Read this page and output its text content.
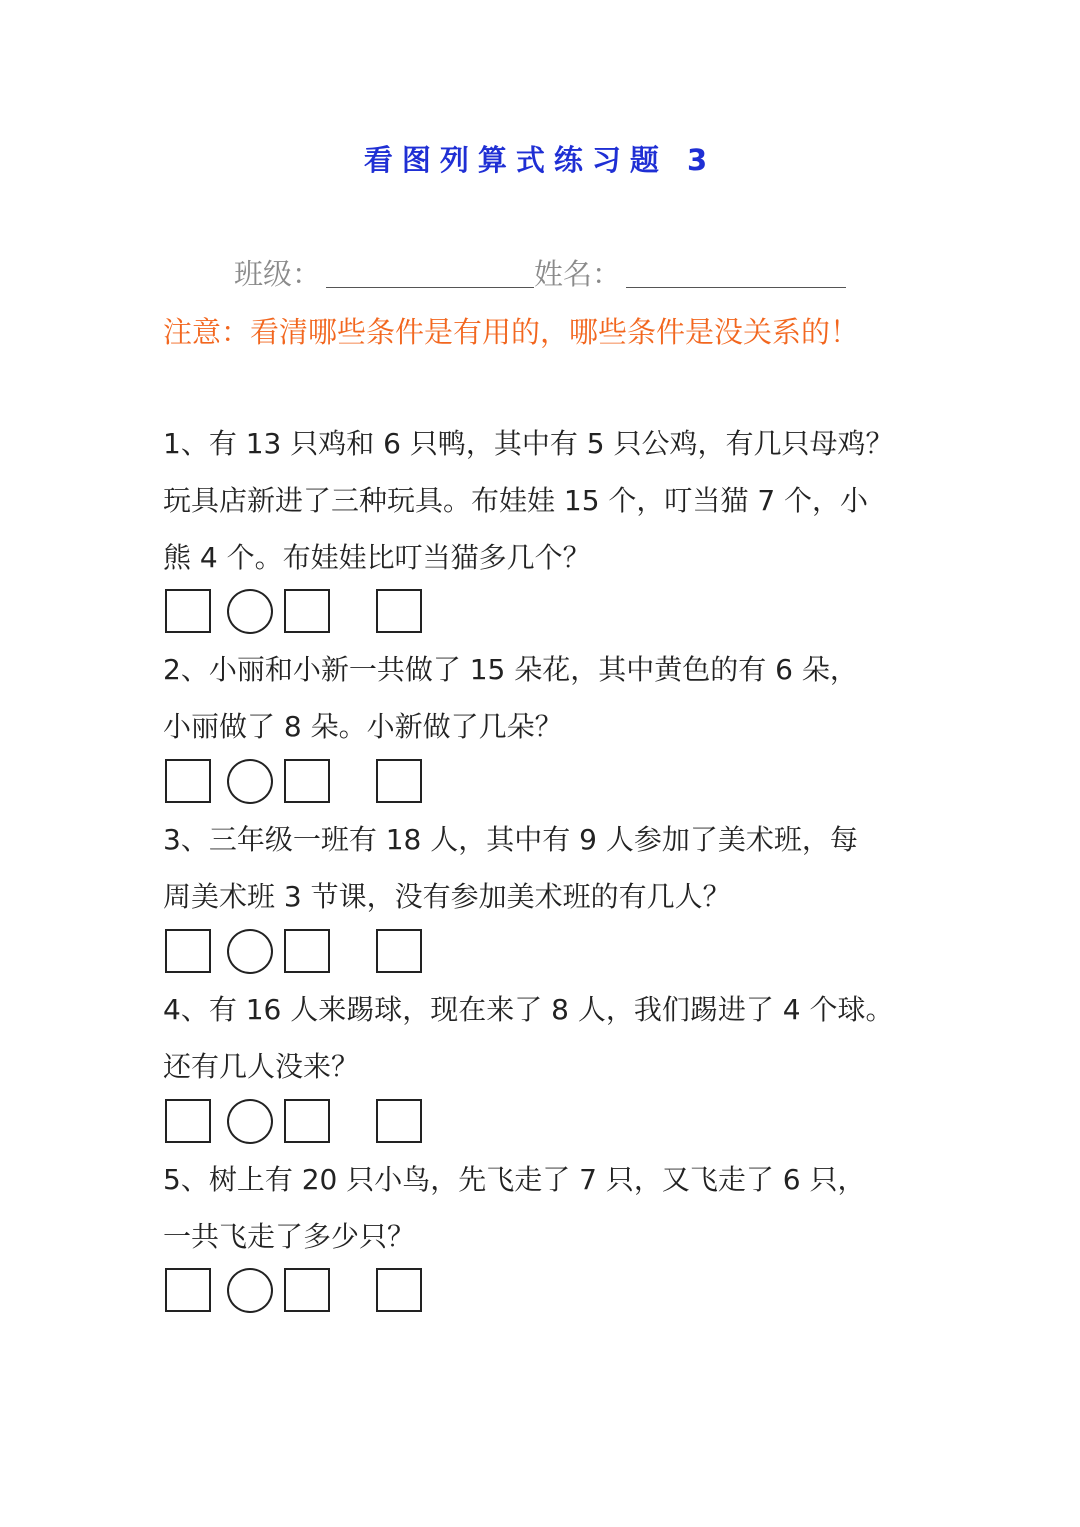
看图列算式练习题 3
班级：	姓名：
注意：看清哪些条件是有用的，哪些条件是没关系的！
1、有 13 只鸡和 6 只鸭，其中有 5 只公鸡，有几只母鸡？
玩具店新进了三种玩具。布娃娃 15 个，叮当猫 7 个，小
熊 4 个。布娃娃比叮当猫多几个？
2、小丽和小新一共做了 15 朵花，其中黄色的有 6 朵，
小丽做了 8 朵。小新做了几朵？
3、三年级一班有 18 人，其中有 9 人参加了美术班，每
周美术班 3 节课，没有参加美术班的有几人？
4、有 16 人来踢球，现在来了 8 人，我们踢进了 4 个球。
还有几人没来？
5、树上有 20 只小鸟，先飞走了 7 只，又飞走了 6 只，
一共飞走了多少只？
